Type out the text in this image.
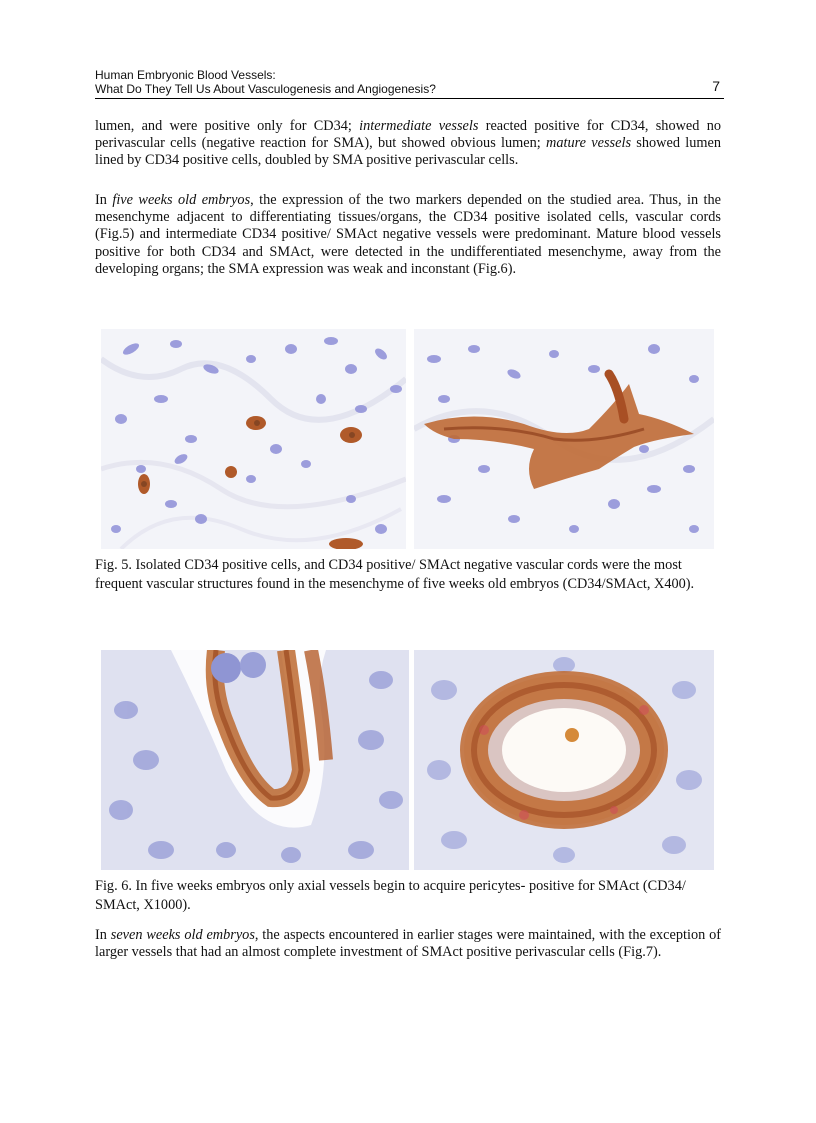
Human Embryonic Blood Vessels:
What Do They Tell Us About Vasculogenesis and Angiogenesis?	7

lumen, and were positive only for CD34; intermediate vessels reacted positive for CD34, showed no perivascular cells (negative reaction for SMA), but showed obvious lumen; mature vessels showed lumen lined by CD34 positive cells, doubled by SMA positive perivascular cells.

In five weeks old embryos, the expression of the two markers depended on the studied area. Thus, in the mesenchyme adjacent to differentiating tissues/organs, the CD34 positive isolated cells, vascular cords (Fig.5) and intermediate CD34 positive/ SMAct negative vessels were predominant. Mature blood vessels positive for both CD34 and SMAct, were detected in the undifferentiated mesenchyme, away from the developing organs; the SMA expression was weak and inconstant (Fig.6).

Fig. 5. Isolated CD34 positive cells, and CD34 positive/ SMAct negative vascular cords were the most frequent vascular structures found in the mesenchyme of five weeks old embryos (CD34/SMAct, X400).

Fig. 6. In five weeks embryos only axial vessels begin to acquire pericytes- positive for SMAct (CD34/ SMAct, X1000).

In seven weeks old embryos, the aspects encountered in earlier stages were maintained, with the exception of larger vessels that had an almost complete investment of SMAct positive perivascular cells (Fig.7).
